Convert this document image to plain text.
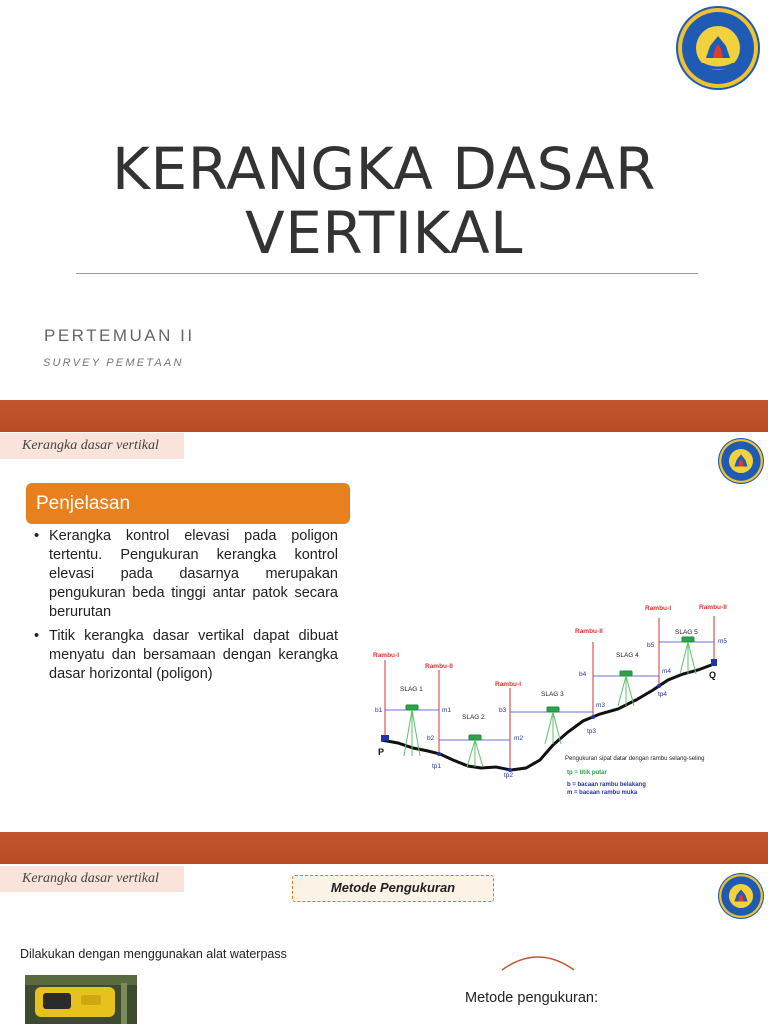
KERANGKA DASAR
VERTIKAL
PERTEMUAN II
SURVEY PEMETAAN
Kerangka dasar vertikal
Penjelasan
• Kerangka kontrol elevasi pada poligon tertentu. Pengukuran kerangka kontrol elevasi pada dasarnya merupakan pengukuran beda tinggi antar patok secara berurutan
• Titik kerangka dasar vertikal dapat dibuat menyatu dan bersamaan dengan kerangka dasar horizontal (poligon)
Rambu-I
Rambu-II
Rambu-I
Rambu-II
Rambu-I	Rambu-II
SLAG 1
SLAG 2
SLAG 3
SLAG 4
SLAG 5
b1
b2
b3
b4
b5
m1
m2
m3
m4
m5
tp1
tp2
tp3
tp4
P
Q
Pengukuran sipat datar dengan rambu selang-seling
tp = titik putar
b = bacaan rambu belakang
m = bacaan rambu muka
Kerangka dasar vertikal
Metode Pengukuran
Dilakukan dengan menggunakan alat waterpass
Metode pengukuran:
